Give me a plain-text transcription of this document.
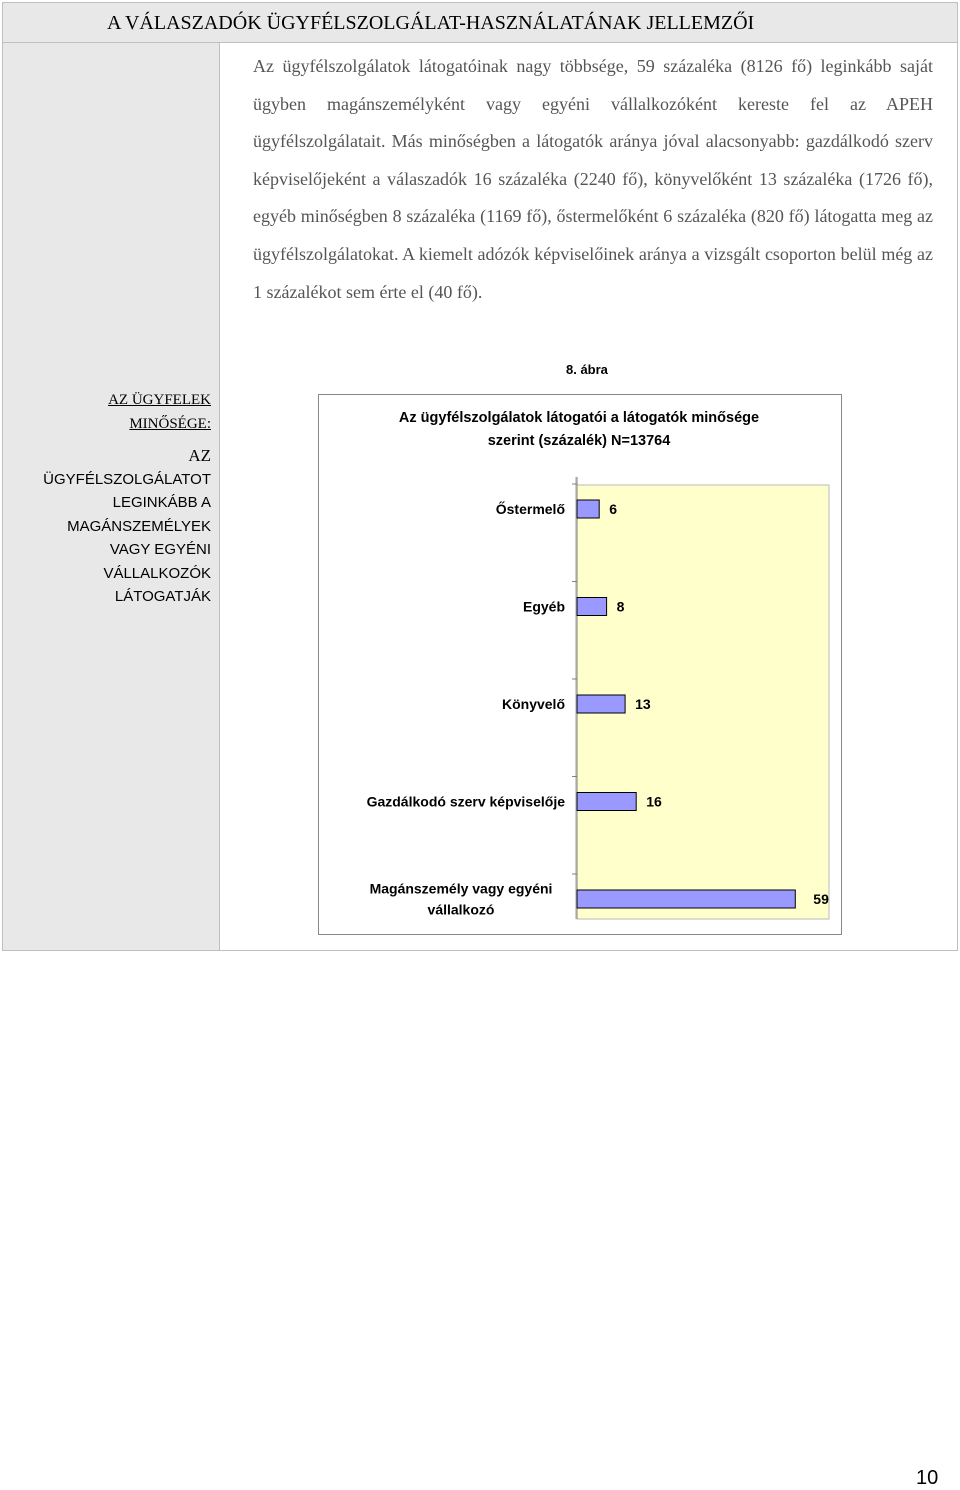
A VÁLASZADÓK ÜGYFÉLSZOLGÁLAT-HASZNÁLATÁNAK JELLEMZŐI
AZ ÜGYFELEK
MINŐSÉGE:
AZ
ÜGYFÉLSZOLGÁLATOT
LEGINKÁBB A
MAGÁNSZEMÉLYEK
VAGY EGYÉNI
VÁLLALKOZÓK
LÁTOGATJÁK

Az ügyfélszolgálatok látogatóinak nagy többsége, 59 százaléka (8126 fő) leginkább saját ügyben magánszemélyként vagy egyéni vállalkozóként kereste fel az APEH ügyfélszolgálatait. Más minőségben a látogatók aránya jóval alacsonyabb: gazdálkodó szerv képviselőjeként a válaszadók 16 százaléka (2240 fő), könyvelőként 13 százaléka (1726 fő), egyéb minőségben 8 százaléka (1169 fő), őstermelőként 6 százaléka (820 fő) látogatta meg az ügyfélszolgálatokat. A kiemelt adózók képviselőinek aránya a vizsgált csoporton belül még az 1 százalékot sem érte el (40 fő).

8. ábra
Az ügyfélszolgálatok látogatói a látogatók minősége
szerint (százalék) N=13764
6
Őstermelő
8
Egyéb
13
Könyvelő
16
Gazdálkodó szerv képviselője
59
Magánszemély vagy egyéni
vállalkozó
10
